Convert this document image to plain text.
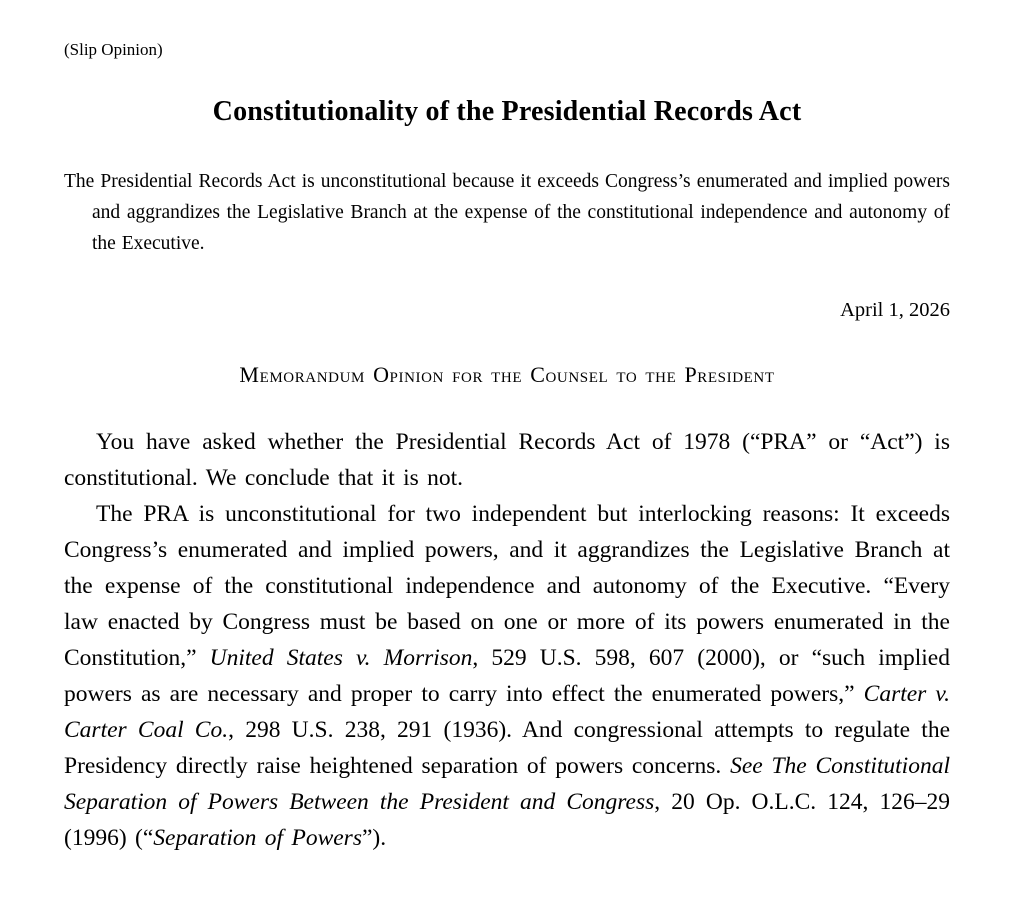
(Slip Opinion)
Constitutionality of the Presidential Records Act

The Presidential Records Act is unconstitutional because it exceeds Congress’s enumerated and implied powers and aggrandizes the Legislative Branch at the expense of the constitutional independence and autonomy of the Executive.

April 1, 2026
Memorandum Opinion for the Counsel to the President

You have asked whether the Presidential Records Act of 1978 (“PRA” or “Act”) is constitutional. We conclude that it is not.

The PRA is unconstitutional for two independent but interlocking reasons: It exceeds Congress’s enumerated and implied powers, and it aggrandizes the Legislative Branch at the expense of the constitutional independence and autonomy of the Executive. “Every law enacted by Congress must be based on one or more of its powers enumerated in the Constitution,” United States v. Morrison, 529 U.S. 598, 607 (2000), or “such implied powers as are necessary and proper to carry into effect the enumerated powers,” Carter v. Carter Coal Co., 298 U.S. 238, 291 (1936). And congressional attempts to regulate the Presidency directly raise heightened separation of powers concerns. See The Constitutional Separation of Powers Between the President and Congress, 20 Op. O.L.C. 124, 126–29 (1996) (“Separation of Powers”).
